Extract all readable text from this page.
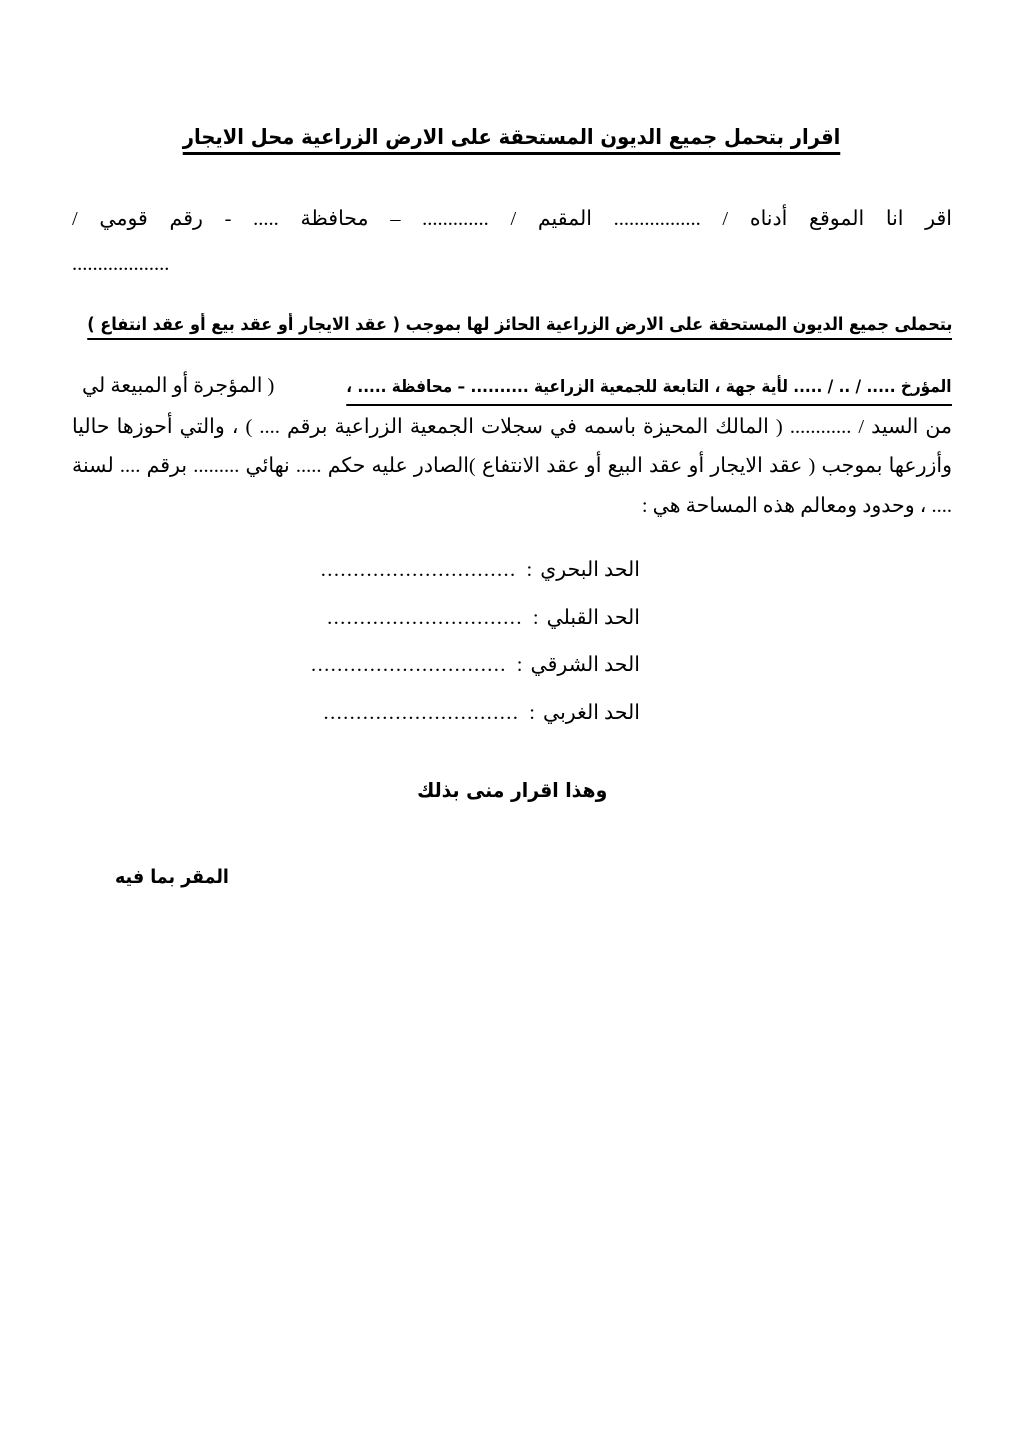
اقرار بتحمل جميع الديون المستحقة على الارض الزراعية محل الايجار

اقر انا الموقع أدناه / ................. المقيم / ............. – محافظة ..... - رقم قومي /

...................

بتحملى جميع الديون المستحقة على الارض الزراعية الحائز لها بموجب ( عقد الايجار أو عقد بيع أو عقد انتفاع )

المؤرخ ..... / .. / ..... لأية جهة ، التابعة للجمعية الزراعية .......... – محافظة ..... ، ( المؤجرة أو المبيعة لي

من السيد / ............ ( المالك المحيزة باسمه في سجلات الجمعية الزراعية برقم .... ) ، والتي أحوزها حاليا وأزرعها بموجب ( عقد الايجار أو عقد البيع أو عقد الانتفاع )الصادر عليه حكم ..... نهائي ......... برقم .... لسنة .... ، وحدود ومعالم هذه المساحة هي :

الحد البحري
:
..............................
الحد القبلي
:
..............................
الحد الشرقي
:
..............................
الحد الغربي
:
..............................
وهذا اقرار منى بذلك
المقر بما فيه
